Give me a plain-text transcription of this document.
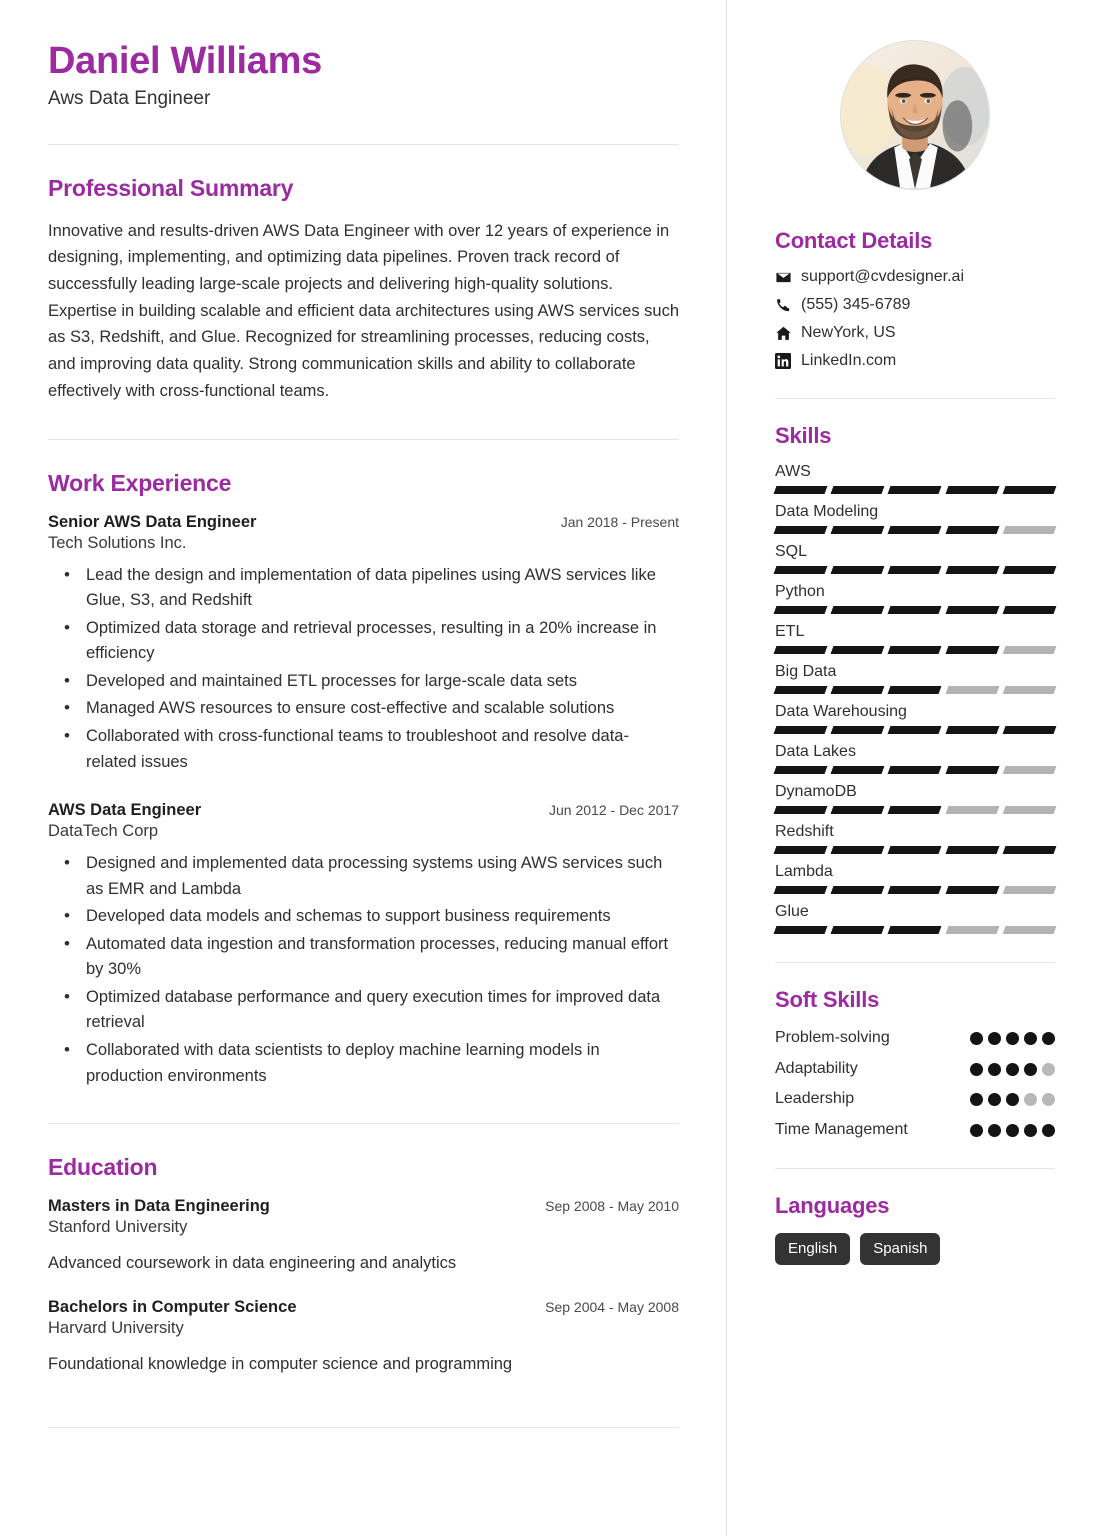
Daniel Williams
Aws Data Engineer
Professional Summary
Innovative and results-driven AWS Data Engineer with over 12 years of experience in designing, implementing, and optimizing data pipelines. Proven track record of successfully leading large-scale projects and delivering high-quality solutions. Expertise in building scalable and efficient data architectures using AWS services such as S3, Redshift, and Glue. Recognized for streamlining processes, reducing costs, and improving data quality. Strong communication skills and ability to collaborate effectively with cross-functional teams.
Work Experience
Senior AWS Data Engineer	Jan 2018 - Present
Tech Solutions Inc.
• Lead the design and implementation of data pipelines using AWS services like Glue, S3, and Redshift
• Optimized data storage and retrieval processes, resulting in a 20% increase in efficiency
• Developed and maintained ETL processes for large-scale data sets
• Managed AWS resources to ensure cost-effective and scalable solutions
• Collaborated with cross-functional teams to troubleshoot and resolve data-related issues
AWS Data Engineer	Jun 2012 - Dec 2017
DataTech Corp
• Designed and implemented data processing systems using AWS services such as EMR and Lambda
• Developed data models and schemas to support business requirements
• Automated data ingestion and transformation processes, reducing manual effort by 30%
• Optimized database performance and query execution times for improved data retrieval
• Collaborated with data scientists to deploy machine learning models in production environments
Education
Masters in Data Engineering	Sep 2008 - May 2010
Stanford University
Advanced coursework in data engineering and analytics
Bachelors in Computer Science	Sep 2004 - May 2008
Harvard University
Foundational knowledge in computer science and programming
Contact Details
support@cvdesigner.ai
(555) 345-6789
NewYork, US
LinkedIn.com
Skills
AWS
Data Modeling
SQL
Python
ETL
Big Data
Data Warehousing
Data Lakes
DynamoDB
Redshift
Lambda
Glue
Soft Skills
Problem-solving
Adaptability
Leadership
Time Management
Languages
English	Spanish
